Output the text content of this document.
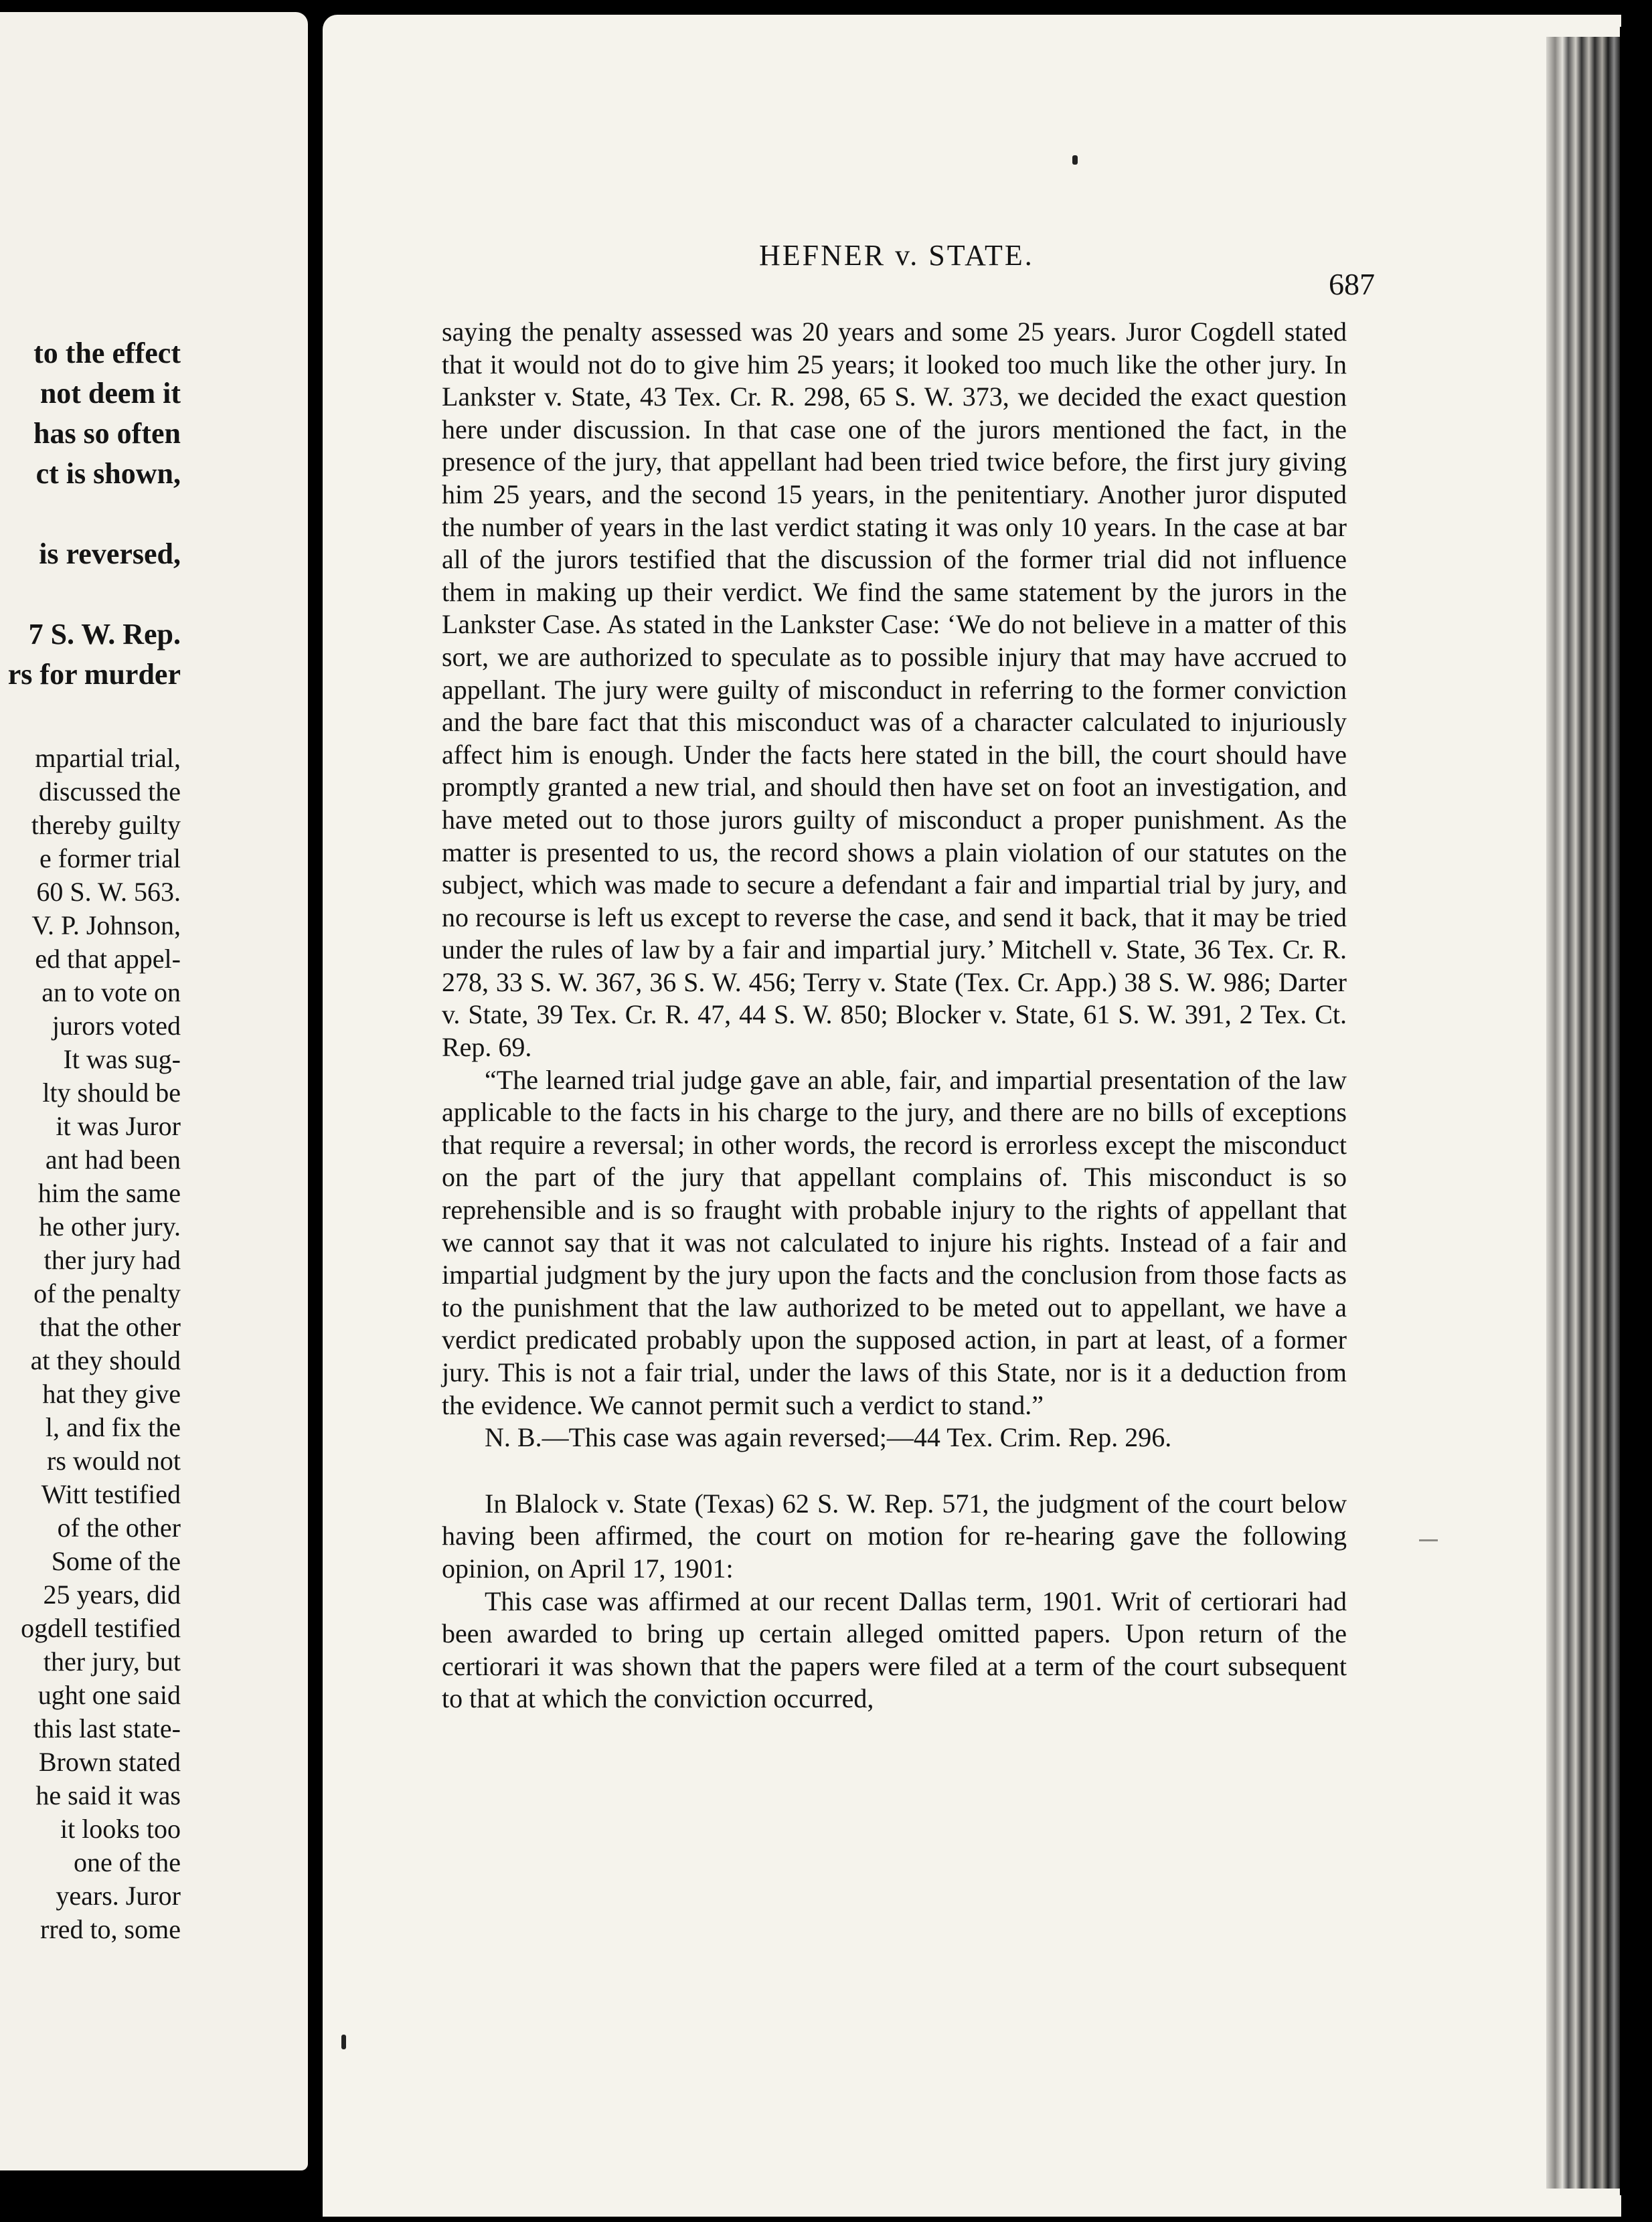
to the effect
not deem it
has so often
ct is shown,
is reversed,
7 S. W. Rep.
rs for murder
mpartial trial,
discussed the
thereby guilty
e former trial
60 S. W. 563.
V. P. Johnson,
ed that appel-
an to vote on
jurors voted
It was sug-
lty should be
it was Juror
ant had been
him the same
he other jury.
ther jury had
of the penalty
that the other
at they should
hat they give
l, and fix the
rs would not
Witt testified
of the other
Some of the
25 years, did
ogdell testified
ther jury, but
ught one said
this last state-
Brown stated
he said it was
it looks too
one of the
years. Juror
rred to, some
HEFNER v. STATE.
687

saying the penalty assessed was 20 years and some 25 years. Juror Cogdell stated that it would not do to give him 25 years; it looked too much like the other jury. In Lankster v. State, 43 Tex. Cr. R. 298, 65 S. W. 373, we decided the exact question here under discussion. In that case one of the jurors mentioned the fact, in the presence of the jury, that appellant had been tried twice before, the first jury giving him 25 years, and the second 15 years, in the penitentiary. Another juror disputed the number of years in the last verdict stating it was only 10 years. In the case at bar all of the jurors testified that the discussion of the former trial did not influence them in making up their verdict. We find the same statement by the jurors in the Lankster Case. As stated in the Lankster Case: ‘We do not believe in a matter of this sort, we are authorized to speculate as to possible injury that may have accrued to appellant. The jury were guilty of misconduct in referring to the former conviction and the bare fact that this misconduct was of a character calculated to injuriously affect him is enough. Under the facts here stated in the bill, the court should have promptly granted a new trial, and should then have set on foot an investigation, and have meted out to those jurors guilty of misconduct a proper punishment. As the matter is presented to us, the record shows a plain violation of our statutes on the subject, which was made to secure a defendant a fair and impartial trial by jury, and no recourse is left us except to reverse the case, and send it back, that it may be tried under the rules of law by a fair and impartial jury.’ Mitchell v. State, 36 Tex. Cr. R. 278, 33 S. W. 367, 36 S. W. 456; Terry v. State (Tex. Cr. App.) 38 S. W. 986; Darter v. State, 39 Tex. Cr. R. 47, 44 S. W. 850; Blocker v. State, 61 S. W. 391, 2 Tex. Ct. Rep. 69.

“The learned trial judge gave an able, fair, and impartial presentation of the law applicable to the facts in his charge to the jury, and there are no bills of exceptions that require a reversal; in other words, the record is errorless except the misconduct on the part of the jury that appellant complains of. This misconduct is so reprehensible and is so fraught with probable injury to the rights of appellant that we cannot say that it was not calculated to injure his rights. Instead of a fair and impartial judgment by the jury upon the facts and the conclusion from those facts as to the punishment that the law authorized to be meted out to appellant, we have a verdict predicated probably upon the supposed action, in part at least, of a former jury. This is not a fair trial, under the laws of this State, nor is it a deduction from the evidence. We cannot permit such a verdict to stand.”

N. B.—This case was again reversed;—44 Tex. Crim. Rep. 296.

In Blalock v. State (Texas) 62 S. W. Rep. 571, the judgment of the court below having been affirmed, the court on motion for re-hearing gave the following opinion, on April 17, 1901:

This case was affirmed at our recent Dallas term, 1901. Writ of certiorari had been awarded to bring up certain alleged omitted papers. Upon return of the certiorari it was shown that the papers were filed at a term of the court subsequent to that at which the conviction occurred,
